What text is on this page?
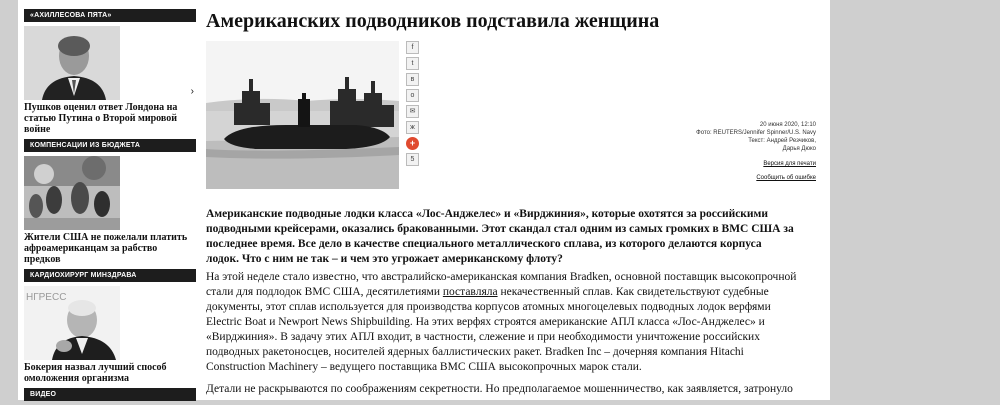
«АХИЛЛЕСОВА ПЯТА»
›
Пушков оценил ответ Лондона на статью Путина о Второй мировой войне
КОМПЕНСАЦИИ ИЗ БЮДЖЕТА
Жители США не пожелали платить афроамериканцам за рабство предков
КАРДИОХИРУРГ МИНЗДРАВА
НГРЕСС
Бокерия назвал лучший способ омоложения организма
ВИДЕО
Американских подводников подставила женщина
f
t
в
о
✉
ж
+
5
20 июня 2020, 12:10
Фото: REUTERS/Jennifer Spinner/U.S. Navy
Текст: Андрей Резчиков,
Дарья Дюко
Версия для печати
Сообщить об ошибке
Американские подводные лодки класса «Лос-Анджелес» и «Вирджиния», которые охотятся за российскими подводными крейсерами, оказались бракованными. Этот скандал стал одним из самых громких в ВМС США за последнее время. Все дело в качестве специального металлического сплава, из которого делаются корпуса лодок. Что с ним не так – и чем это угрожает американскому флоту?
На этой неделе стало известно, что австралийско-американская компания Bradken, основной поставщик высокопрочной стали для подлодок ВМС США, десятилетиями поставляла некачественный сплав. Как свидетельствуют судебные документы, этот сплав используется для производства корпусов атомных многоцелевых подводных лодок верфями Electric Boat и Newport News Shipbuilding. На этих верфях строятся американские АПЛ класса «Лос-Анджелес» и «Вирджиния». В задачу этих АПЛ входит, в частности, слежение и при необходимости уничтожение российских подводных ракетоносцев, носителей ядерных баллистических ракет. Bradken Inc – дочерняя компания Hitachi Construction Machinery – ведущего поставщика ВМС США высокопрочных марок стали.
Детали не раскрываются по соображениям секретности. Но предполагаемое мошенничество, как заявляется, затронуло
